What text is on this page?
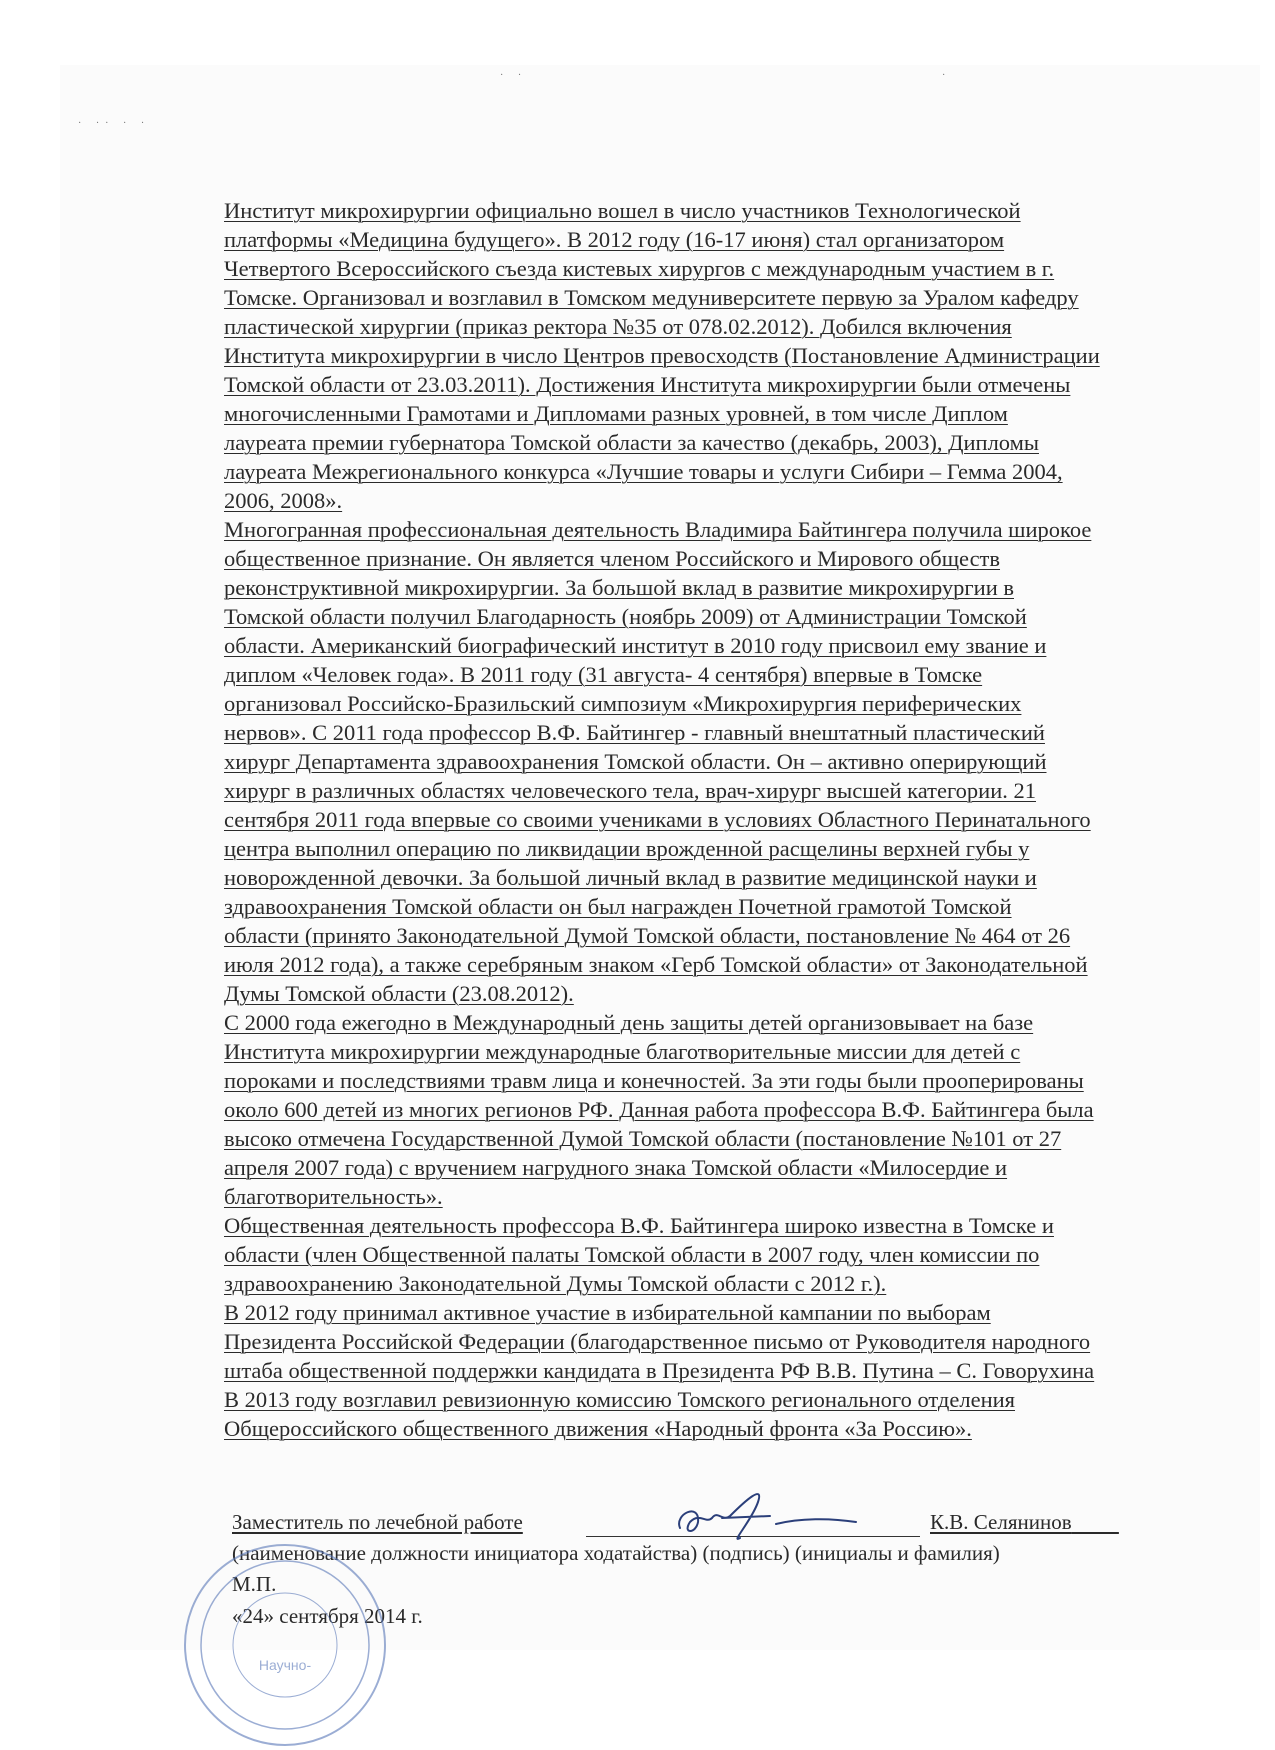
· ·· · ·
· ·	·
Институт микрохирургии официально вошел в число участников Технологической
платформы «Медицина будущего». В 2012 году (16-17 июня) стал организатором
Четвертого Всероссийского съезда кистевых хирургов с международным участием в г.
Томске. Организовал и возглавил в Томском медуниверситете первую за Уралом кафедру
пластической хирургии (приказ ректора №35 от 078.02.2012). Добился включения
Института микрохирургии в число Центров превосходств (Постановление Администрации
Томской области от 23.03.2011). Достижения Института микрохирургии были отмечены
многочисленными Грамотами и Дипломами разных уровней, в том числе Диплом
лауреата премии губернатора Томской области за качество (декабрь, 2003), Дипломы
лауреата Межрегионального конкурса «Лучшие товары и услуги Сибири – Гемма 2004,
2006, 2008».
Многогранная профессиональная деятельность Владимира Байтингера получила широкое
общественное признание. Он является членом Российского и Мирового обществ
реконструктивной микрохирургии. За большой вклад в развитие микрохирургии в
Томской области получил Благодарность (ноябрь 2009) от Администрации Томской
области. Американский биографический институт в 2010 году присвоил ему звание и
диплом «Человек года». В 2011 году (31 августа- 4 сентября) впервые в Томске
организовал Российско-Бразильский симпозиум «Микрохирургия периферических
нервов». С 2011 года профессор В.Ф. Байтингер - главный внештатный пластический
хирург Департамента здравоохранения Томской области. Он – активно оперирующий
хирург в различных областях человеческого тела, врач-хирург высшей категории. 21
сентября 2011 года впервые со своими учениками в условиях Областного Перинатального
центра выполнил операцию по ликвидации врожденной расщелины верхней губы у
новорожденной девочки. За большой личный вклад в развитие медицинской науки и
здравоохранения Томской области он был награжден Почетной грамотой Томской
области (принято Законодательной Думой Томской области, постановление № 464 от 26
июля 2012 года), а также серебряным знаком «Герб Томской области» от Законодательной
Думы Томской области (23.08.2012).
С 2000 года ежегодно в Международный день защиты детей организовывает на базе
Института микрохирургии международные благотворительные миссии для детей с
пороками и последствиями травм лица и конечностей. За эти годы были прооперированы
около 600 детей из многих регионов РФ. Данная работа профессора В.Ф. Байтингера была
высоко отмечена Государственной Думой Томской области (постановление №101 от 27
апреля 2007 года) с вручением нагрудного знака Томской области «Милосердие и
благотворительность».
Общественная деятельность профессора В.Ф. Байтингера широко известна в Томске и
области (член Общественной палаты Томской области в 2007 году, член комиссии по
здравоохранению Законодательной Думы Томской области с 2012 г.).
В 2012 году принимал активное участие в избирательной кампании по выборам
Президента Российской Федерации (благодарственное письмо от Руководителя народного
штаба общественной поддержки кандидата в Президента РФ В.В. Путина – С. Говорухина
В 2013 году возглавил ревизионную комиссию Томского регионального отделения
Общероссийского общественного движения «Народный фронта «За Россию».
Заместитель по лечебной работе	К.В. Селянинов
(наименование должности инициатора ходатайства) (подпись) (инициалы и фамилия)
М.П.
«24» сентября 2014 г.
Научно-
